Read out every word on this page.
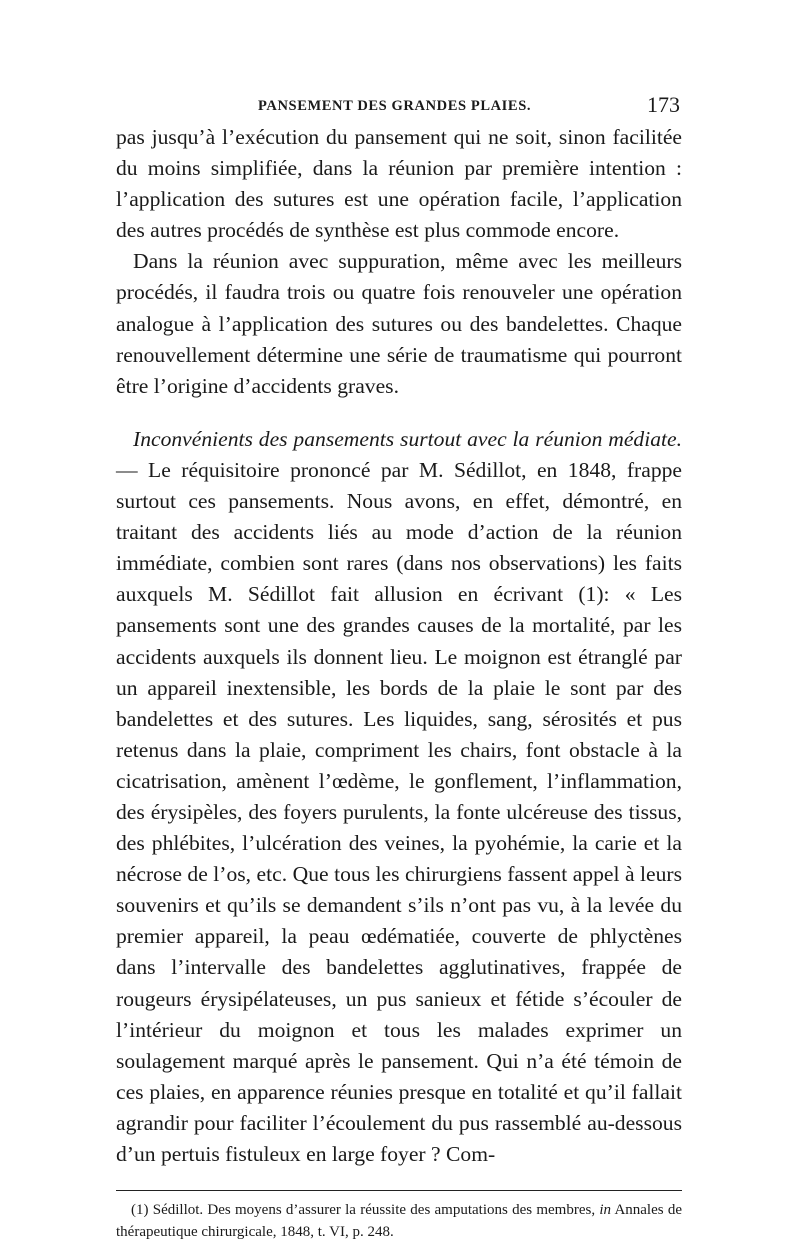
PANSEMENT DES GRANDES PLAIES.	173

pas jusqu’à l’exécution du pansement qui ne soit, sinon facilitée du moins simplifiée, dans la réunion par première intention : l’application des sutures est une opération facile, l’application des autres procédés de synthèse est plus commode encore.

Dans la réunion avec suppuration, même avec les meilleurs procédés, il faudra trois ou quatre fois renouveler une opération analogue à l’application des sutures ou des bandelettes. Chaque renouvellement détermine une série de traumatisme qui pourront être l’origine d’accidents graves.

Inconvénients des pansements surtout avec la réunion médiate. — Le réquisitoire prononcé par M. Sédillot, en 1848, frappe surtout ces pansements. Nous avons, en effet, démontré, en traitant des accidents liés au mode d’action de la réunion immédiate, combien sont rares (dans nos observations) les faits auxquels M. Sédillot fait allusion en écrivant (1): « Les pansements sont une des grandes causes de la mortalité, par les accidents auxquels ils donnent lieu. Le moignon est étranglé par un appareil inextensible, les bords de la plaie le sont par des bandelettes et des sutures. Les liquides, sang, sérosités et pus retenus dans la plaie, compriment les chairs, font obstacle à la cicatrisation, amènent l’œdème, le gonflement, l’inflammation, des érysipèles, des foyers purulents, la fonte ulcéreuse des tissus, des phlébites, l’ulcération des veines, la pyohémie, la carie et la nécrose de l’os, etc. Que tous les chirurgiens fassent appel à leurs souvenirs et qu’ils se demandent s’ils n’ont pas vu, à la levée du premier appareil, la peau œdématiée, couverte de phlyctènes dans l’intervalle des bandelettes agglutinatives, frappée de rougeurs érysipélateuses, un pus sanieux et fétide s’écouler de l’intérieur du moignon et tous les malades exprimer un soulagement marqué après le pansement. Qui n’a été témoin de ces plaies, en apparence réunies presque en totalité et qu’il fallait agrandir pour faciliter l’écoulement du pus rassemblé au-dessous d’un pertuis fistuleux en large foyer ? Com-

(1) Sédillot. Des moyens d’assurer la réussite des amputations des membres, in Annales de thérapeutique chirurgicale, 1848, t. VI, p. 248.
